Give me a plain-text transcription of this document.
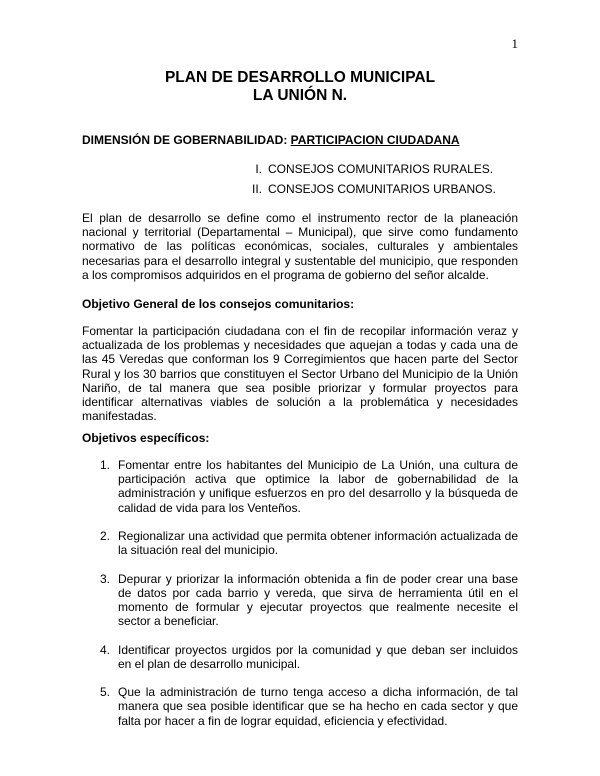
1
PLAN DE DESARROLLO MUNICIPAL
LA UNIÓN N.
DIMENSIÓN DE GOBERNABILIDAD: PARTICIPACION CIUDADANA
I. CONSEJOS COMUNITARIOS RURALES.
II. CONSEJOS COMUNITARIOS URBANOS.

El plan de desarrollo se define como el instrumento rector de la planeación nacional y territorial (Departamental – Municipal), que sirve como fundamento normativo de las políticas económicas, sociales, culturales y ambientales necesarias para el desarrollo integral y sustentable del municipio, que responden a los compromisos adquiridos en el programa de gobierno del señor alcalde.

Objetivo General de los consejos comunitarios:

Fomentar la participación ciudadana con el fin de recopilar información veraz y actualizada de los problemas y necesidades que aquejan a todas y cada una de las 45 Veredas que conforman los 9 Corregimientos que hacen parte del Sector Rural y los 30 barrios que constituyen el Sector Urbano del Municipio de la Unión Nariño, de tal manera que sea posible priorizar y formular proyectos para identificar alternativas viables de solución a la problemática y necesidades manifestadas.

Objetivos específicos:

1. Fomentar entre los habitantes del Municipio de La Unión, una cultura de participación activa que optimice la labor de gobernabilidad de la administración y unifique esfuerzos en pro del desarrollo y la búsqueda de calidad de vida para los Venteños.
2. Regionalizar una actividad que permita obtener información actualizada de la situación real del municipio.
3. Depurar y priorizar la información obtenida a fin de poder crear una base de datos por cada barrio y vereda, que sirva de herramienta útil en el momento de formular y ejecutar proyectos que realmente necesite el sector a beneficiar.
4. Identificar proyectos urgidos por la comunidad y que deban ser incluidos en el plan de desarrollo municipal.
5. Que la administración de turno tenga acceso a dicha información, de tal manera que sea posible identificar que se ha hecho en cada sector y que falta por hacer a fin de lograr equidad, eficiencia y efectividad.
